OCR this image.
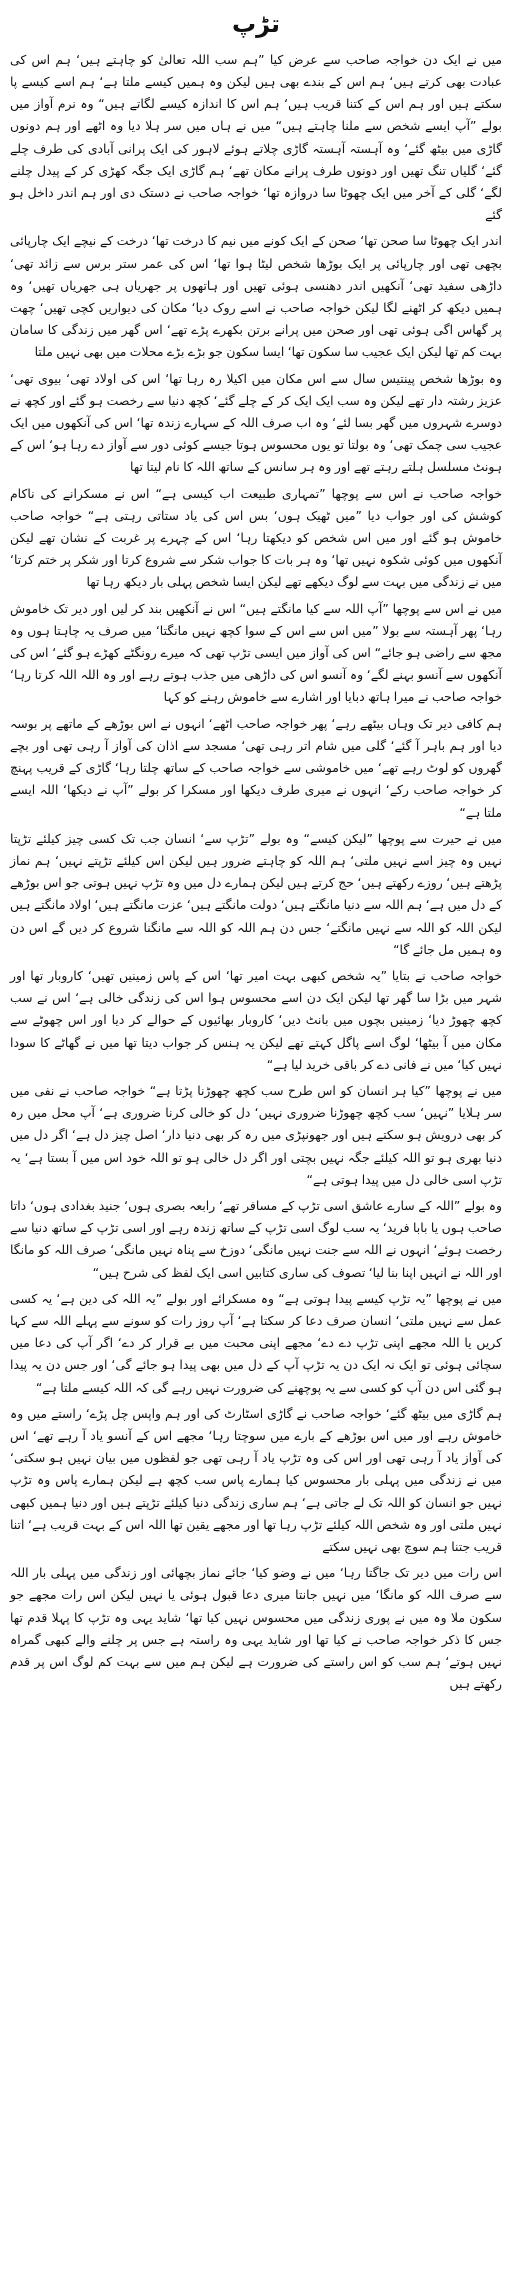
تڑپ

میں نے ایک دن خواجہ صاحب سے عرض کیا ”ہم سب اللہ تعالیٰ کو چاہتے ہیں‘ ہم اس کی عبادت بھی کرتے ہیں‘ ہم اس کے بندے بھی ہیں لیکن وہ ہمیں کیسے ملتا ہے‘ ہم اسے کیسے پا سکتے ہیں اور ہم اس کے کتنا قریب ہیں‘ ہم اس کا اندازہ کیسے لگاتے ہیں“ وہ نرم آواز میں بولے ”آپ ایسے شخص سے ملنا چاہتے ہیں“ میں نے ہاں میں سر ہلا دیا وہ اٹھے اور ہم دونوں گاڑی میں بیٹھ گئے‘ وہ آہستہ آہستہ گاڑی چلاتے ہوئے لاہور کی ایک پرانی آبادی کی طرف چلے گئے‘ گلیاں تنگ تھیں اور دونوں طرف پرانے مکان تھے‘ ہم گاڑی ایک جگہ کھڑی کر کے پیدل چلنے لگے‘ گلی کے آخر میں ایک چھوٹا سا دروازہ تھا‘ خواجہ صاحب نے دستک دی اور ہم اندر داخل ہو گئے

اندر ایک چھوٹا سا صحن تھا‘ صحن کے ایک کونے میں نیم کا درخت تھا‘ درخت کے نیچے ایک چارپائی بچھی تھی اور چارپائی پر ایک بوڑھا شخص لیٹا ہوا تھا‘ اس کی عمر ستر برس سے زائد تھی‘ داڑھی سفید تھی‘ آنکھیں اندر دھنسی ہوئی تھیں اور ہاتھوں پر جھریاں ہی جھریاں تھیں‘ وہ ہمیں دیکھ کر اٹھنے لگا لیکن خواجہ صاحب نے اسے روک دیا‘ مکان کی دیواریں کچی تھیں‘ چھت پر گھاس اگی ہوئی تھی اور صحن میں پرانے برتن بکھرے پڑے تھے‘ اس گھر میں زندگی کا سامان بہت کم تھا لیکن ایک عجیب سا سکون تھا‘ ایسا سکون جو بڑے بڑے محلات میں بھی نہیں ملتا

وہ بوڑھا شخص پینتیس سال سے اس مکان میں اکیلا رہ رہا تھا‘ اس کی اولاد تھی‘ بیوی تھی‘ عزیز رشتہ دار تھے لیکن وہ سب ایک ایک کر کے چلے گئے‘ کچھ دنیا سے رخصت ہو گئے اور کچھ نے دوسرے شہروں میں گھر بسا لئے‘ وہ اب صرف اللہ کے سہارے زندہ تھا‘ اس کی آنکھوں میں ایک عجیب سی چمک تھی‘ وہ بولتا تو یوں محسوس ہوتا جیسے کوئی دور سے آواز دے رہا ہو‘ اس کے ہونٹ مسلسل ہلتے رہتے تھے اور وہ ہر سانس کے ساتھ اللہ کا نام لیتا تھا

خواجہ صاحب نے اس سے پوچھا ”تمہاری طبیعت اب کیسی ہے“ اس نے مسکرانے کی ناکام کوشش کی اور جواب دیا ”میں ٹھیک ہوں‘ بس اس کی یاد ستاتی رہتی ہے“ خواجہ صاحب خاموش ہو گئے اور میں اس شخص کو دیکھتا رہا‘ اس کے چہرے پر غربت کے نشان تھے لیکن آنکھوں میں کوئی شکوہ نہیں تھا‘ وہ ہر بات کا جواب شکر سے شروع کرتا اور شکر پر ختم کرتا‘ میں نے زندگی میں بہت سے لوگ دیکھے تھے لیکن ایسا شخص پہلی بار دیکھ رہا تھا

میں نے اس سے پوچھا ”آپ اللہ سے کیا مانگتے ہیں“ اس نے آنکھیں بند کر لیں اور دیر تک خاموش رہا‘ پھر آہستہ سے بولا ”میں اس سے اس کے سوا کچھ نہیں مانگتا‘ میں صرف یہ چاہتا ہوں وہ مجھ سے راضی ہو جائے“ اس کی آواز میں ایسی تڑپ تھی کہ میرے رونگٹے کھڑے ہو گئے‘ اس کی آنکھوں سے آنسو بہنے لگے‘ وہ آنسو اس کی داڑھی میں جذب ہوتے رہے اور وہ اللہ اللہ کرتا رہا‘ خواجہ صاحب نے میرا ہاتھ دبایا اور اشارے سے خاموش رہنے کو کہا

ہم کافی دیر تک وہاں بیٹھے رہے‘ پھر خواجہ صاحب اٹھے‘ انہوں نے اس بوڑھے کے ماتھے پر بوسہ دیا اور ہم باہر آ گئے‘ گلی میں شام اتر رہی تھی‘ مسجد سے اذان کی آواز آ رہی تھی اور بچے گھروں کو لوٹ رہے تھے‘ میں خاموشی سے خواجہ صاحب کے ساتھ چلتا رہا‘ گاڑی کے قریب پہنچ کر خواجہ صاحب رکے‘ انہوں نے میری طرف دیکھا اور مسکرا کر بولے ”آپ نے دیکھا‘ اللہ ایسے ملتا ہے“

میں نے حیرت سے پوچھا ”لیکن کیسے“ وہ بولے ”تڑپ سے‘ انسان جب تک کسی چیز کیلئے تڑپتا نہیں وہ چیز اسے نہیں ملتی‘ ہم اللہ کو چاہتے ضرور ہیں لیکن اس کیلئے تڑپتے نہیں‘ ہم نماز پڑھتے ہیں‘ روزے رکھتے ہیں‘ حج کرتے ہیں لیکن ہمارے دل میں وہ تڑپ نہیں ہوتی جو اس بوڑھے کے دل میں ہے‘ ہم اللہ سے دنیا مانگتے ہیں‘ دولت مانگتے ہیں‘ عزت مانگتے ہیں‘ اولاد مانگتے ہیں لیکن اللہ کو اللہ سے نہیں مانگتے‘ جس دن ہم اللہ کو اللہ سے مانگنا شروع کر دیں گے اس دن وہ ہمیں مل جائے گا“

خواجہ صاحب نے بتایا ”یہ شخص کبھی بہت امیر تھا‘ اس کے پاس زمینیں تھیں‘ کاروبار تھا اور شہر میں بڑا سا گھر تھا لیکن ایک دن اسے محسوس ہوا اس کی زندگی خالی ہے‘ اس نے سب کچھ چھوڑ دیا‘ زمینیں بچوں میں بانٹ دیں‘ کاروبار بھائیوں کے حوالے کر دیا اور اس چھوٹے سے مکان میں آ بیٹھا‘ لوگ اسے پاگل کہتے تھے لیکن یہ ہنس کر جواب دیتا تھا میں نے گھاٹے کا سودا نہیں کیا‘ میں نے فانی دے کر باقی خرید لیا ہے“

میں نے پوچھا ”کیا ہر انسان کو اس طرح سب کچھ چھوڑنا پڑتا ہے“ خواجہ صاحب نے نفی میں سر ہلایا ”نہیں‘ سب کچھ چھوڑنا ضروری نہیں‘ دل کو خالی کرنا ضروری ہے‘ آپ محل میں رہ کر بھی درویش ہو سکتے ہیں اور جھونپڑی میں رہ کر بھی دنیا دار‘ اصل چیز دل ہے‘ اگر دل میں دنیا بھری ہو تو اللہ کیلئے جگہ نہیں بچتی اور اگر دل خالی ہو تو اللہ خود اس میں آ بستا ہے‘ یہ تڑپ اسی خالی دل میں پیدا ہوتی ہے“

وہ بولے ”اللہ کے سارے عاشق اسی تڑپ کے مسافر تھے‘ رابعہ بصری ہوں‘ جنید بغدادی ہوں‘ داتا صاحب ہوں یا بابا فرید‘ یہ سب لوگ اسی تڑپ کے ساتھ زندہ رہے اور اسی تڑپ کے ساتھ دنیا سے رخصت ہوئے‘ انہوں نے اللہ سے جنت نہیں مانگی‘ دوزخ سے پناہ نہیں مانگی‘ صرف اللہ کو مانگا اور اللہ نے انہیں اپنا بنا لیا‘ تصوف کی ساری کتابیں اسی ایک لفظ کی شرح ہیں“

میں نے پوچھا ”یہ تڑپ کیسے پیدا ہوتی ہے“ وہ مسکرائے اور بولے ”یہ اللہ کی دین ہے‘ یہ کسی عمل سے نہیں ملتی‘ انسان صرف دعا کر سکتا ہے‘ آپ روز رات کو سونے سے پہلے اللہ سے کہا کریں یا اللہ مجھے اپنی تڑپ دے دے‘ مجھے اپنی محبت میں بے قرار کر دے‘ اگر آپ کی دعا میں سچائی ہوئی تو ایک نہ ایک دن یہ تڑپ آپ کے دل میں بھی پیدا ہو جائے گی‘ اور جس دن یہ پیدا ہو گئی اس دن آپ کو کسی سے یہ پوچھنے کی ضرورت نہیں رہے گی کہ اللہ کیسے ملتا ہے“

ہم گاڑی میں بیٹھ گئے‘ خواجہ صاحب نے گاڑی اسٹارٹ کی اور ہم واپس چل پڑے‘ راستے میں وہ خاموش رہے اور میں اس بوڑھے کے بارے میں سوچتا رہا‘ مجھے اس کے آنسو یاد آ رہے تھے‘ اس کی آواز یاد آ رہی تھی اور اس کی وہ تڑپ یاد آ رہی تھی جو لفظوں میں بیان نہیں ہو سکتی‘ میں نے زندگی میں پہلی بار محسوس کیا ہمارے پاس سب کچھ ہے لیکن ہمارے پاس وہ تڑپ نہیں جو انسان کو اللہ تک لے جاتی ہے‘ ہم ساری زندگی دنیا کیلئے تڑپتے ہیں اور دنیا ہمیں کبھی نہیں ملتی اور وہ شخص اللہ کیلئے تڑپ رہا تھا اور مجھے یقین تھا اللہ اس کے بہت قریب ہے‘ اتنا قریب جتنا ہم سوچ بھی نہیں سکتے

اس رات میں دیر تک جاگتا رہا‘ میں نے وضو کیا‘ جائے نماز بچھائی اور زندگی میں پہلی بار اللہ سے صرف اللہ کو مانگا‘ میں نہیں جانتا میری دعا قبول ہوئی یا نہیں لیکن اس رات مجھے جو سکون ملا وہ میں نے پوری زندگی میں محسوس نہیں کیا تھا‘ شاید یہی وہ تڑپ کا پہلا قدم تھا جس کا ذکر خواجہ صاحب نے کیا تھا اور شاید یہی وہ راستہ ہے جس پر چلنے والے کبھی گمراہ نہیں ہوتے‘ ہم سب کو اس راستے کی ضرورت ہے لیکن ہم میں سے بہت کم لوگ اس پر قدم رکھتے ہیں
